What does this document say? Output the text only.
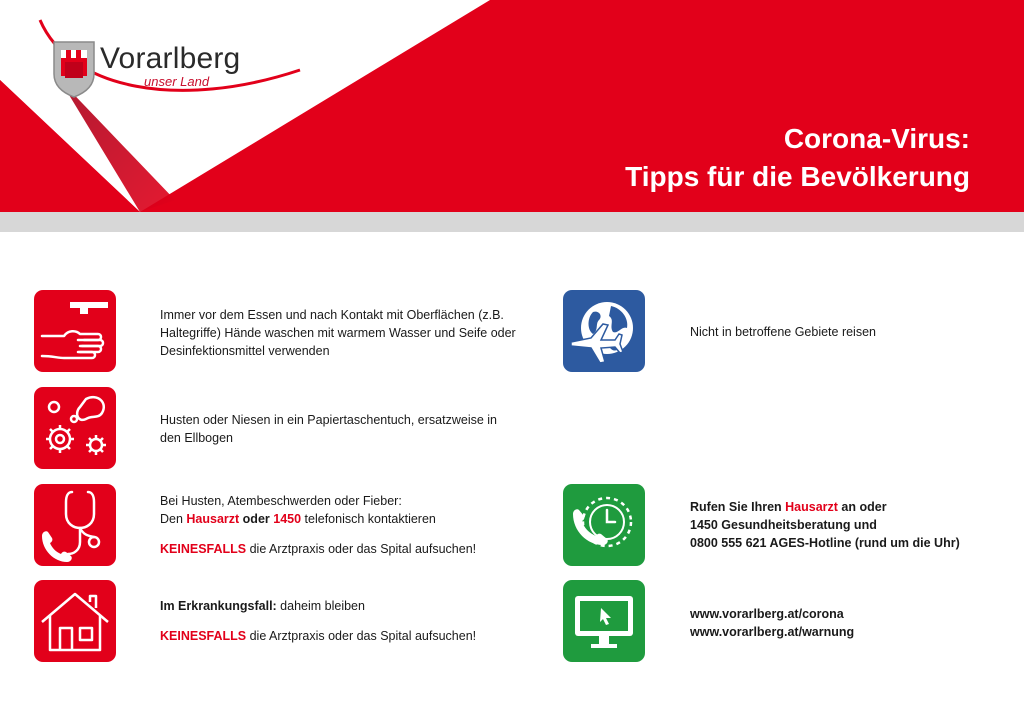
Vorarlberg
unser Land
Corona-Virus:
Tipps für die Bevölkerung
Immer vor dem Essen und nach Kontakt mit Oberflächen (z.B. Haltegriffe) Hände waschen mit warmem Wasser und Seife oder Desinfektionsmittel verwenden
Husten oder Niesen in ein Papiertaschentuch, ersatzweise in den Ellbogen

Bei Husten, Atembeschwerden oder Fieber:

Den Hausarzt oder 1450 telefonisch kontaktieren

KEINESFALLS die Arztpraxis oder das Spital aufsuchen!

Im Erkrankungsfall: daheim bleiben

KEINESFALLS die Arztpraxis oder das Spital aufsuchen!

Nicht in betroffene Gebiete reisen

Rufen Sie Ihren Hausarzt an oder

1450 Gesundheitsberatung und

0800 555 621 AGES-Hotline (rund um die Uhr)

www.vorarlberg.at/corona

www.vorarlberg.at/warnung
